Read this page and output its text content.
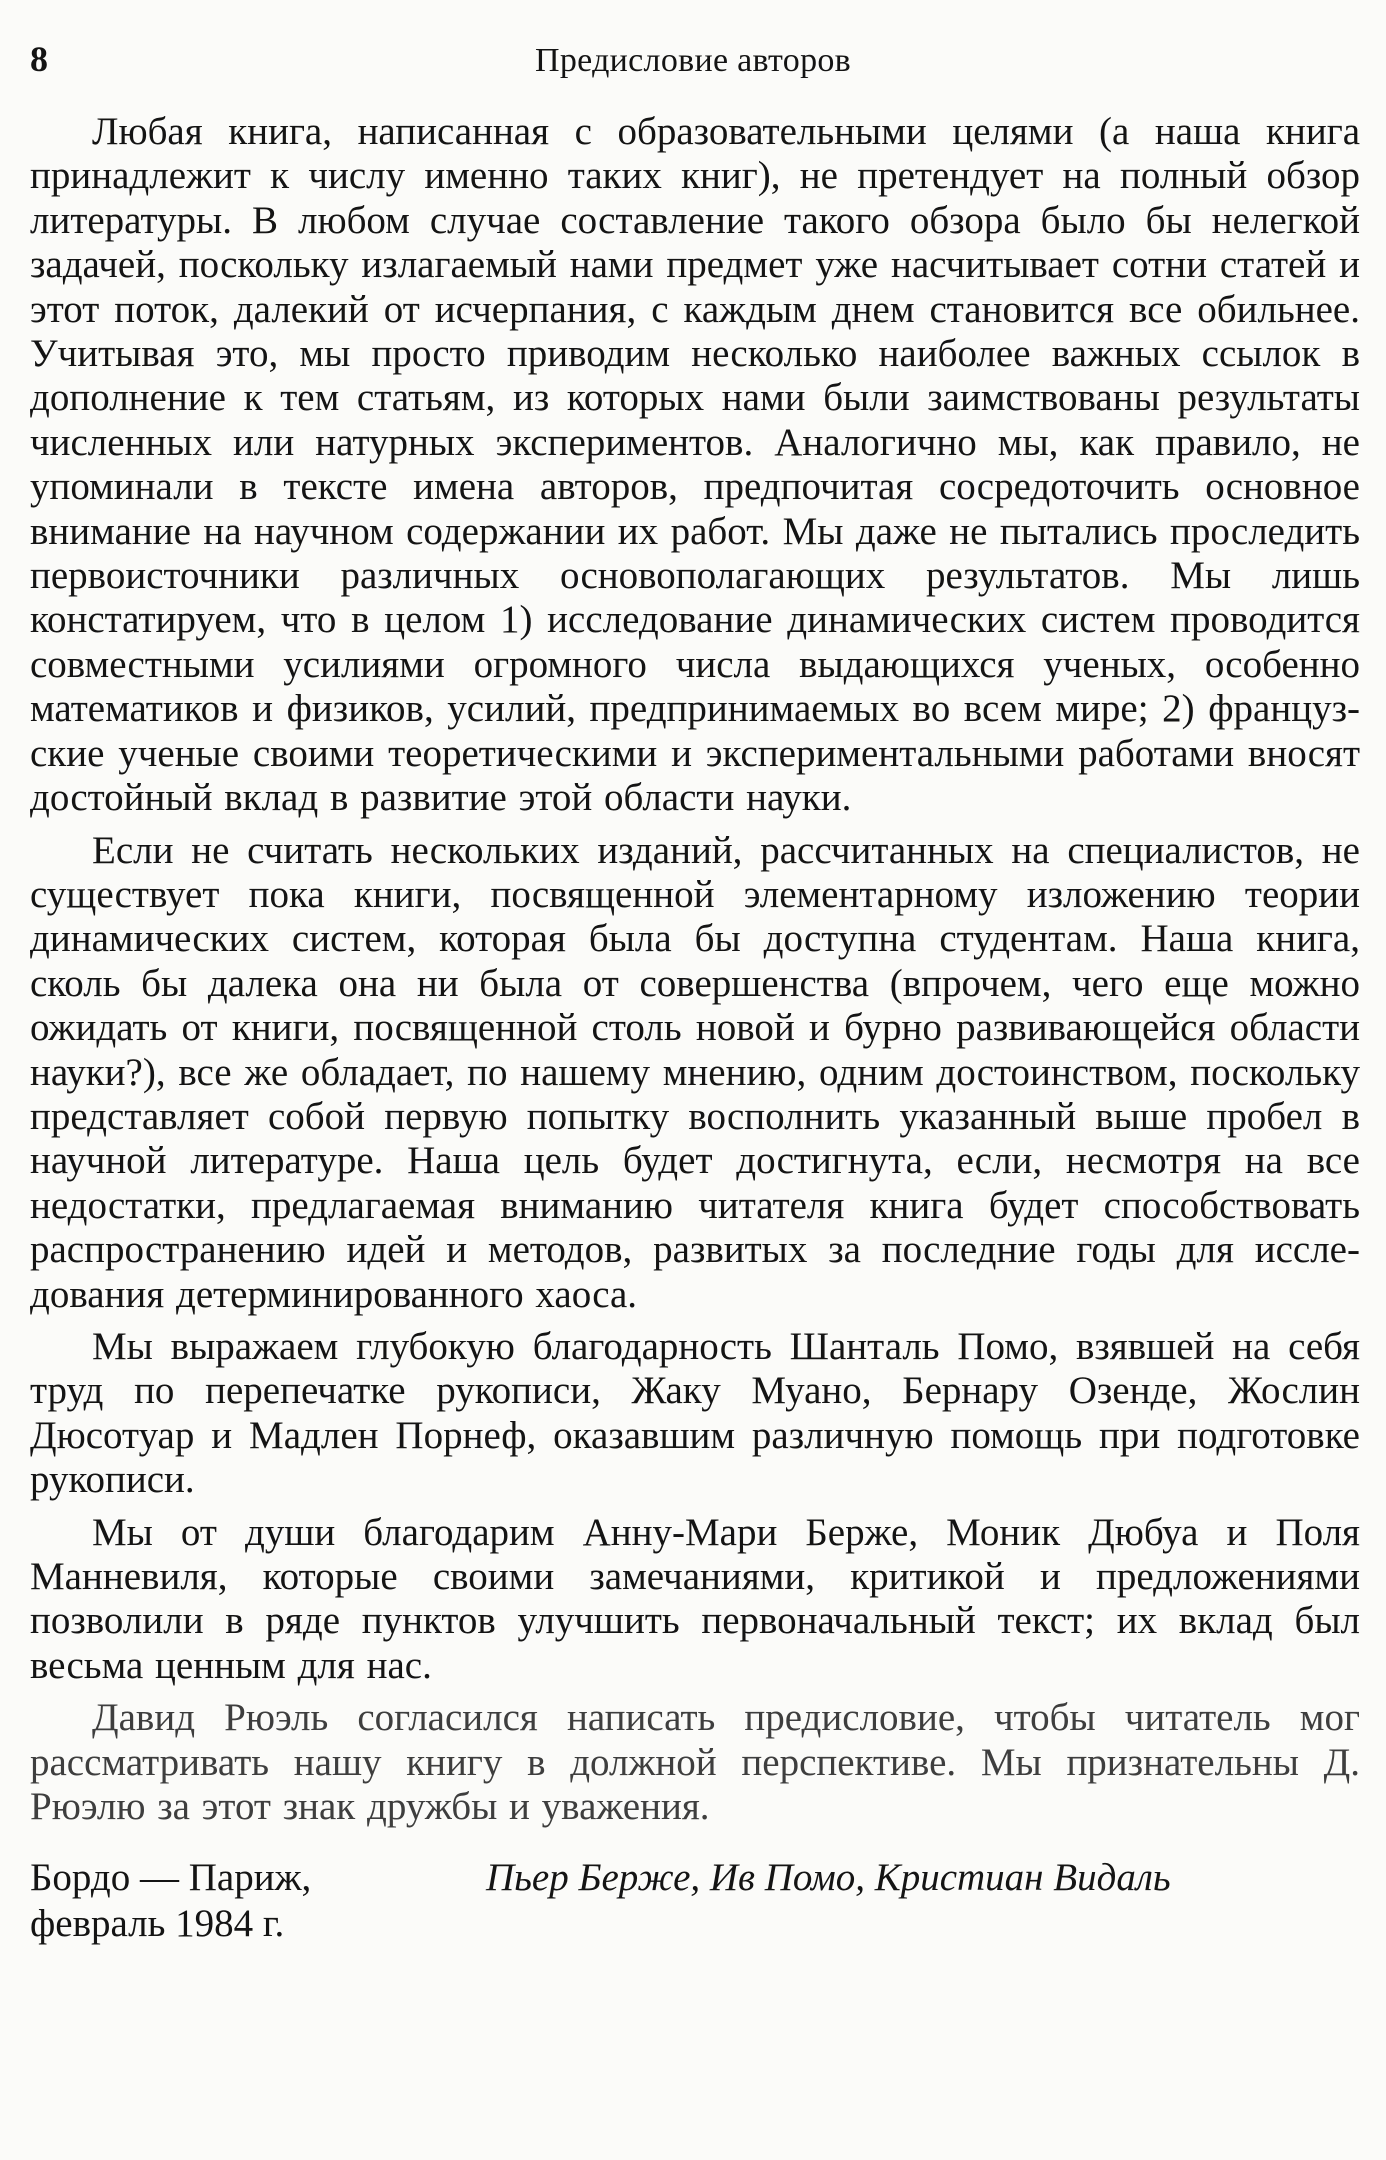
8	Предисловие авторов

Любая книга, написанная с образовательными целями (а наша книга принадлежит к числу именно таких книг), не претендует на полный обзор литературы. В любом случае составление такого обзора было бы нелегкой задачей, поскольку излагаемый нами предмет уже насчитывает сотни статей и этот поток, далекий от исчерпания, с каждым днем становится все обильнее. Учитывая это, мы просто приводим несколько наиболее важных ссылок в дополнение к тем статьям, из которых нами были заимствованы результаты численных или натурных экспериментов. Аналогично мы, как правило, не упоминали в тексте имена авторов, предпочитая сосредоточить основное внимание на научном содержании их работ. Мы даже не пытались проследить первоисточники различных основополагающих результатов. Мы лишь констатируем, что в целом 1) исследование динамических систем проводится совместными усилиями огромного числа выдающихся ученых, особенно математиков и физиков, усилий, предпринимаемых во всем мире; 2) французские ученые своими теоретическими и экспериментальными работами вносят достойный вклад в развитие этой области науки.

Если не считать нескольких изданий, рассчитанных на специалистов, не существует пока книги, посвященной элементарному изложению теории динамических систем, которая была бы доступна студентам. Наша книга, сколь бы далека она ни была от совершенства (впрочем, чего еще можно ожидать от книги, посвященной столь новой и бурно развивающейся области науки?), все же обладает, по нашему мнению, одним достоинством, поскольку представляет собой первую попытку восполнить указанный выше пробел в научной литературе. Наша цель будет достигнута, если, несмотря на все недостатки, предлагаемая вниманию читателя книга будет способствовать распространению идей и методов, развитых за последние годы для исследования детерминированного хаоса.

Мы выражаем глубокую благодарность Шанталь Помо, взявшей на себя труд по перепечатке рукописи, Жаку Муано, Бернару Озенде, Жослин Дюсотуар и Мадлен Порнеф, оказавшим различную помощь при подготовке рукописи.

Мы от души благодарим Анну-Мари Берже, Моник Дюбуа и Поля Манневиля, которые своими замечаниями, критикой и предложениями позволили в ряде пунктов улучшить первоначальный текст; их вклад был весьма ценным для нас.

Давид Рюэль согласился написать предисловие, чтобы читатель мог рассматривать нашу книгу в должной перспективе. Мы признательны Д. Рюэлю за этот знак дружбы и уважения.

Бордо — Париж,
февраль 1984 г.
Пьер Берже, Ив Помо, Кристиан Видаль
